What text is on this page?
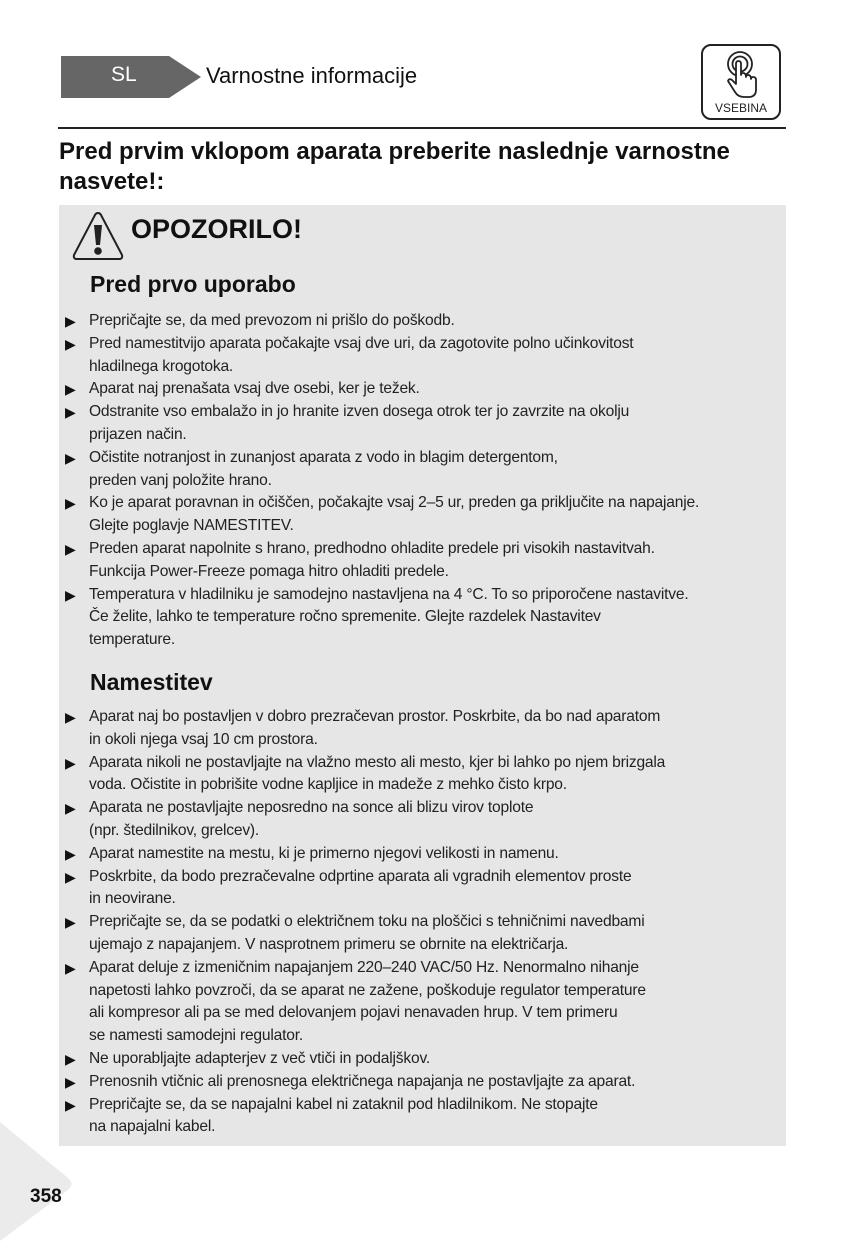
SL	Varnostne informacije
VSEBINA
Pred prvim vklopom aparata preberite naslednje varnostne nasvete!:
OPOZORILO!
Pred prvo uporabo
▶ Prepričajte se, da med prevozom ni prišlo do poškodb.
▶ Pred namestitvijo aparata počakajte vsaj dve uri, da zagotovite polno učinkovitost
hladilnega krogotoka.
▶ Aparat naj prenašata vsaj dve osebi, ker je težek.
▶ Odstranite vso embalažo in jo hranite izven dosega otrok ter jo zavrzite na okolju
prijazen način.
▶ Očistite notranjost in zunanjost aparata z vodo in blagim detergentom,
preden vanj položite hrano.
▶ Ko je aparat poravnan in očiščen, počakajte vsaj 2–5 ur, preden ga priključite na napajanje.
Glejte poglavje NAMESTITEV.
▶ Preden aparat napolnite s hrano, predhodno ohladite predele pri visokih nastavitvah.
Funkcija Power-Freeze pomaga hitro ohladiti predele.
▶ Temperatura v hladilniku je samodejno nastavljena na 4 °C. To so priporočene nastavitve.
Če želite, lahko te temperature ročno spremenite. Glejte razdelek Nastavitev
temperature.
Namestitev
▶ Aparat naj bo postavljen v dobro prezračevan prostor. Poskrbite, da bo nad aparatom
in okoli njega vsaj 10 cm prostora.
▶ Aparata nikoli ne postavljajte na vlažno mesto ali mesto, kjer bi lahko po njem brizgala
voda. Očistite in pobrišite vodne kapljice in madeže z mehko čisto krpo.
▶ Aparata ne postavljajte neposredno na sonce ali blizu virov toplote
(npr. štedilnikov, grelcev).
▶ Aparat namestite na mestu, ki je primerno njegovi velikosti in namenu.
▶ Poskrbite, da bodo prezračevalne odprtine aparata ali vgradnih elementov proste
in neovirane.
▶ Prepričajte se, da se podatki o električnem toku na ploščici s tehničnimi navedbami
ujemajo z napajanjem. V nasprotnem primeru se obrnite na električarja.
▶ Aparat deluje z izmeničnim napajanjem 220–240 VAC/50 Hz. Nenormalno nihanje
napetosti lahko povzroči, da se aparat ne zažene, poškoduje regulator temperature
ali kompresor ali pa se med delovanjem pojavi nenavaden hrup. V tem primeru
se namesti samodejni regulator.
▶ Ne uporabljajte adapterjev z več vtiči in podaljškov.
▶ Prenosnih vtičnic ali prenosnega električnega napajanja ne postavljajte za aparat.
▶ Prepričajte se, da se napajalni kabel ni zataknil pod hladilnikom. Ne stopajte
na napajalni kabel.
358
